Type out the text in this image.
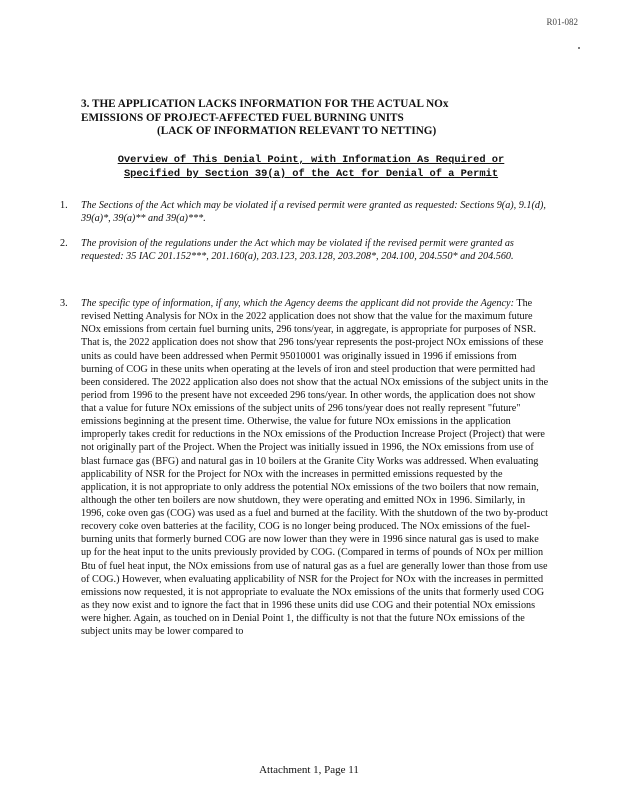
R01-082
3. THE APPLICATION LACKS INFORMATION FOR THE ACTUAL NOx
EMISSIONS OF PROJECT-AFFECTED FUEL BURNING UNITS
(LACK OF INFORMATION RELEVANT TO NETTING)
Overview of This Denial Point, with Information As Required or
Specified by Section 39(a) of the Act for Denial of a Permit
1.	The Sections of the Act which may be violated if a revised permit were granted as requested: Sections 9(a), 9.1(d), 39(a)*, 39(a)** and 39(a)***.
2.	The provision of the regulations under the Act which may be violated if the revised permit were granted as requested: 35 IAC 201.152***, 201.160(a), 203.123, 203.128, 203.208*, 204.100, 204.550* and 204.560.
3.	The specific type of information, if any, which the Agency deems the applicant did not provide the Agency: The revised Netting Analysis for NOx in the 2022 application does not show that the value for the maximum future NOx emissions from certain fuel burning units, 296 tons/year, in aggregate, is appropriate for purposes of NSR. That is, the 2022 application does not show that 296 tons/year represents the post-project NOx emissions of these units as could have been addressed when Permit 95010001 was originally issued in 1996 if emissions from burning of COG in these units when operating at the levels of iron and steel production that were permitted had been considered. The 2022 application also does not show that the actual NOx emissions of the subject units in the period from 1996 to the present have not exceeded 296 tons/year. In other words, the application does not show that a value for future NOx emissions of the subject units of 296 tons/year does not really represent "future" emissions beginning at the present time. Otherwise, the value for future NOx emissions in the application improperly takes credit for reductions in the NOx emissions of the Production Increase Project (Project) that were not originally part of the Project. When the Project was initially issued in 1996, the NOx emissions from use of blast furnace gas (BFG) and natural gas in 10 boilers at the Granite City Works was addressed. When evaluating applicability of NSR for the Project for NOx with the increases in permitted emissions requested by the application, it is not appropriate to only address the potential NOx emissions of the two boilers that now remain, although the other ten boilers are now shutdown, they were operating and emitted NOx in 1996. Similarly, in 1996, coke oven gas (COG) was used as a fuel and burned at the facility. With the shutdown of the two by-product recovery coke oven batteries at the facility, COG is no longer being produced. The NOx emissions of the fuel-burning units that formerly burned COG are now lower than they were in 1996 since natural gas is used to make up for the heat input to the units previously provided by COG. (Compared in terms of pounds of NOx per million Btu of fuel heat input, the NOx emissions from use of natural gas as a fuel are generally lower than those from use of COG.) However, when evaluating applicability of NSR for the Project for NOx with the increases in permitted emissions now requested, it is not appropriate to evaluate the NOx emissions of the units that formerly used COG as they now exist and to ignore the fact that in 1996 these units did use COG and their potential NOx emissions were higher. Again, as touched on in Denial Point 1, the difficulty is not that the future NOx emissions of the subject units may be lower compared to
Attachment 1, Page 11
